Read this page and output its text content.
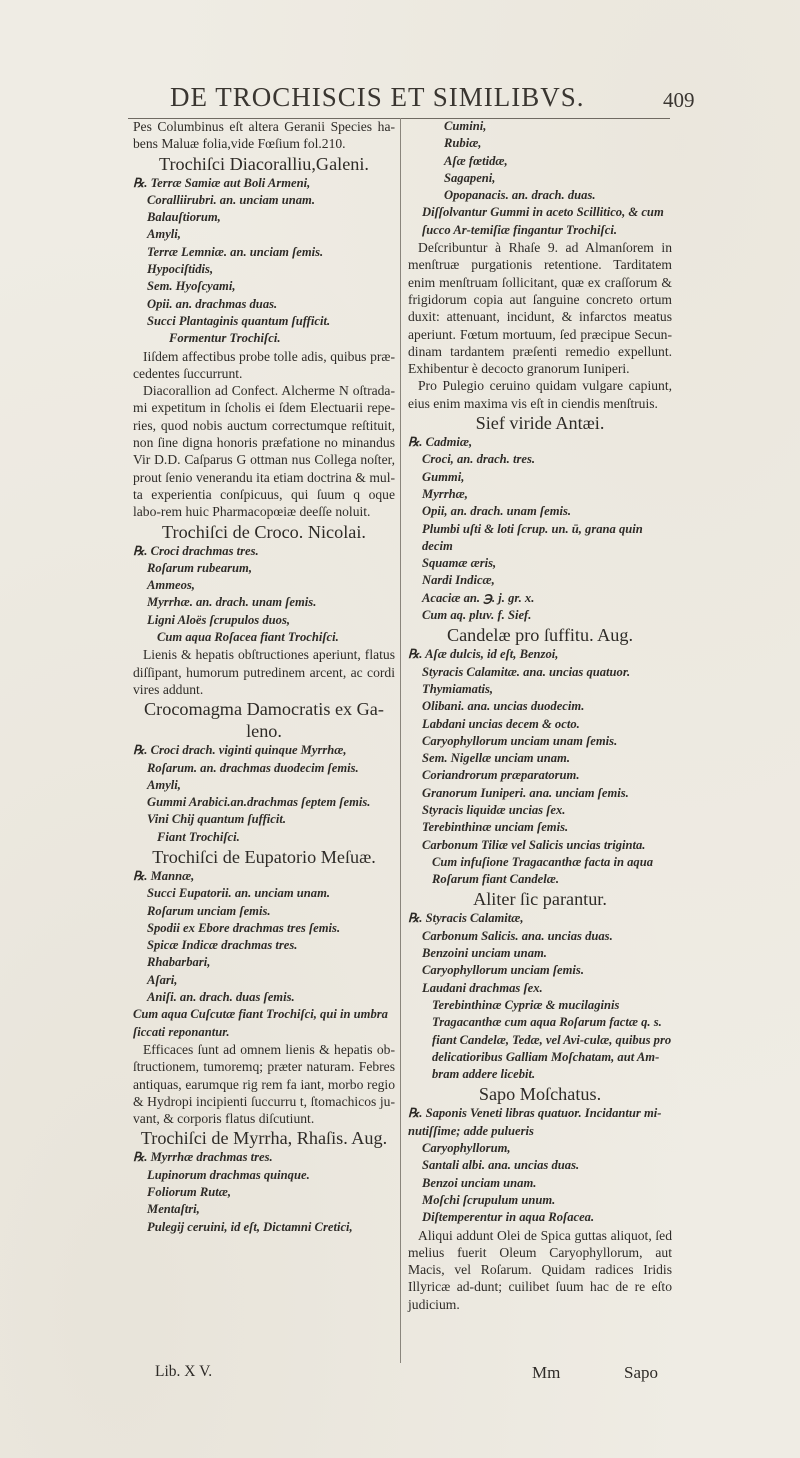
DE TROCHISCIS ET SIMILIBVS.	409

Pes Columbinus eſt altera Geranii Species ha-bens Maluæ folia,vide Fœſium fol.210.

Trochiſci Diacoralliu,Galeni.

℞. Terræ Samiæ aut Boli Armeni,

Coralliirubri. an. unciam unam.

Balauſtiorum,

Amyli,

Terræ Lemniæ. an. unciam ſemis.

Hypociſtidis,

Sem. Hyoſcyami,

Opii. an. drachmas duas.

Succi Plantaginis quantum ſufficit.

Formentur Trochiſci.

Iiſdem affectibus probe tolle adis, quibus præ-cedentes ſuccurrunt.

Diacorallion ad Confect. Alcherme N oſtrada-mi expetitum in ſcholis ei ſdem Electuarii repe-ries, quod nobis auctum correctumque reſtituit, non ſine digna honoris præfatione no minandus Vir D.D. Caſparus G ottman nus Collega noſter, prout ſenio venerandu ita etiam doctrina & mul-ta experientia conſpicuus, qui ſuum q oque labo-rem huic Pharmacopœiæ deeſſe noluit.

Trochiſci de Croco. Nicolai.

℞. Croci drachmas tres.

Roſarum rubearum,

Ammeos,

Myrrhæ. an. drach. unam ſemis.

Ligni Aloës ſcrupulos duos,

Cum aqua Roſacea fiant Trochiſci.

Lienis & hepatis obſtructiones aperiunt, flatus diſſipant, humorum putredinem arcent, ac cordi vires addunt.

Crocomagma Damocratis ex Ga-leno.

℞. Croci drach. viginti quinque Myrrhæ,

Roſarum. an. drachmas duodecim ſemis.

Amyli,

Gummi Arabici.an.drachmas ſeptem ſemis.

Vini Chij quantum ſufficit.

Fiant Trochiſci.

Trochiſci de Eupatorio Meſuæ.

℞. Mannæ,

Succi Eupatorii. an. unciam unam.

Roſarum unciam ſemis.

Spodii ex Ebore drachmas tres ſemis.

Spicæ Indicæ drachmas tres.

Rhabarbari,

Aſari,

Aniſi. an. drach. duas ſemis.

Cum aqua Cuſcutæ fiant Trochiſci, qui in umbra ſiccati reponantur.

Efficaces ſunt ad omnem lienis & hepatis ob-ſtructionem, tumoremq; præter naturam. Febres antiquas, earumque rig rem fa iant, morbo regio & Hydropi incipienti ſuccurru t, ſtomachicos ju-vant, & corporis flatus diſcutiunt.

Trochiſci de Myrrha, Rhaſis. Aug.

℞. Myrrhæ drachmas tres.

Lupinorum drachmas quinque.

Foliorum Rutæ,

Mentaſtri,

Pulegij ceruini, id eſt, Dictamni Cretici,

Cumini,

Rubiæ,

Aſæ fœtidæ,

Sagapeni,

Opopanacis. an. drach. duas.

Diſſolvantur Gummi in aceto Scillitico, & cum ſucco Ar-temiſiæ fingantur Trochiſci.

Deſcribuntur à Rhaſe 9. ad Almanſorem in menſtruæ purgationis retentione. Tarditatem enim menſtruam ſollicitant, quæ ex craſſorum & frigidorum copia aut ſanguine concreto ortum duxit: attenuant, incidunt, & infarctos meatus aperiunt. Fœtum mortuum, ſed præcipue Secun-dinam tardantem præſenti remedio expellunt. Exhibentur è decocto granorum Iuniperi.

Pro Pulegio ceruino quidam vulgare capiunt, eius enim maxima vis eſt in ciendis menſtruis.

Sief viride Antæi.

℞. Cadmiæ,

Croci, an. drach. tres.

Gummi,

Myrrhæ,

Opii, an. drach. unam ſemis.

Plumbi uſti & loti ſcrup. un. ū, grana quin decim

Squamæ æris,

Nardi Indicæ,

Acaciæ an. ℈. j. gr. x.

Cum aq. pluv. f. Sief.

Candelæ pro ſuffitu. Aug.

℞. Aſæ dulcis, id eſt, Benzoi,

Styracis Calamitæ. ana. uncias quatuor.

Thymiamatis,

Olibani. ana. uncias duodecim.

Labdani uncias decem & octo.

Caryophyllorum unciam unam ſemis.

Sem. Nigellæ unciam unam.

Coriandrorum præparatorum.

Granorum Iuniperi. ana. unciam ſemis.

Styracis liquidæ uncias ſex.

Terebinthinæ unciam ſemis.

Carbonum Tiliæ vel Salicis uncias triginta.

Cum infuſione Tragacanthæ facta in aqua Roſarum fiant Candelæ.

Aliter ſic parantur.

℞. Styracis Calamitæ,

Carbonum Salicis. ana. uncias duas.

Benzoini unciam unam.

Caryophyllorum unciam ſemis.

Laudani drachmas ſex.

Terebinthinæ Cypriæ & mucilaginis Tragacanthæ cum aqua Roſarum factæ q. s. fiant Candelæ, Tedæ, vel Avi-culæ, quibus pro delicatioribus Galliam Moſchatam, aut Am-bram addere licebit.

Sapo Moſchatus.

℞. Saponis Veneti libras quatuor. Incidantur mi-nutiſſime; adde pulueris

Caryophyllorum,

Santali albi. ana. uncias duas.

Benzoi unciam unam.

Moſchi ſcrupulum unum.

Diſtemperentur in aqua Roſacea.

Aliqui addunt Olei de Spica guttas aliquot, ſed melius fuerit Oleum Caryophyllorum, aut Macis, vel Roſarum. Quidam radices Iridis Illyricæ ad-dunt; cuilibet ſuum hac de re eſto judicium.

Lib. X V.	Mm	Sapo
